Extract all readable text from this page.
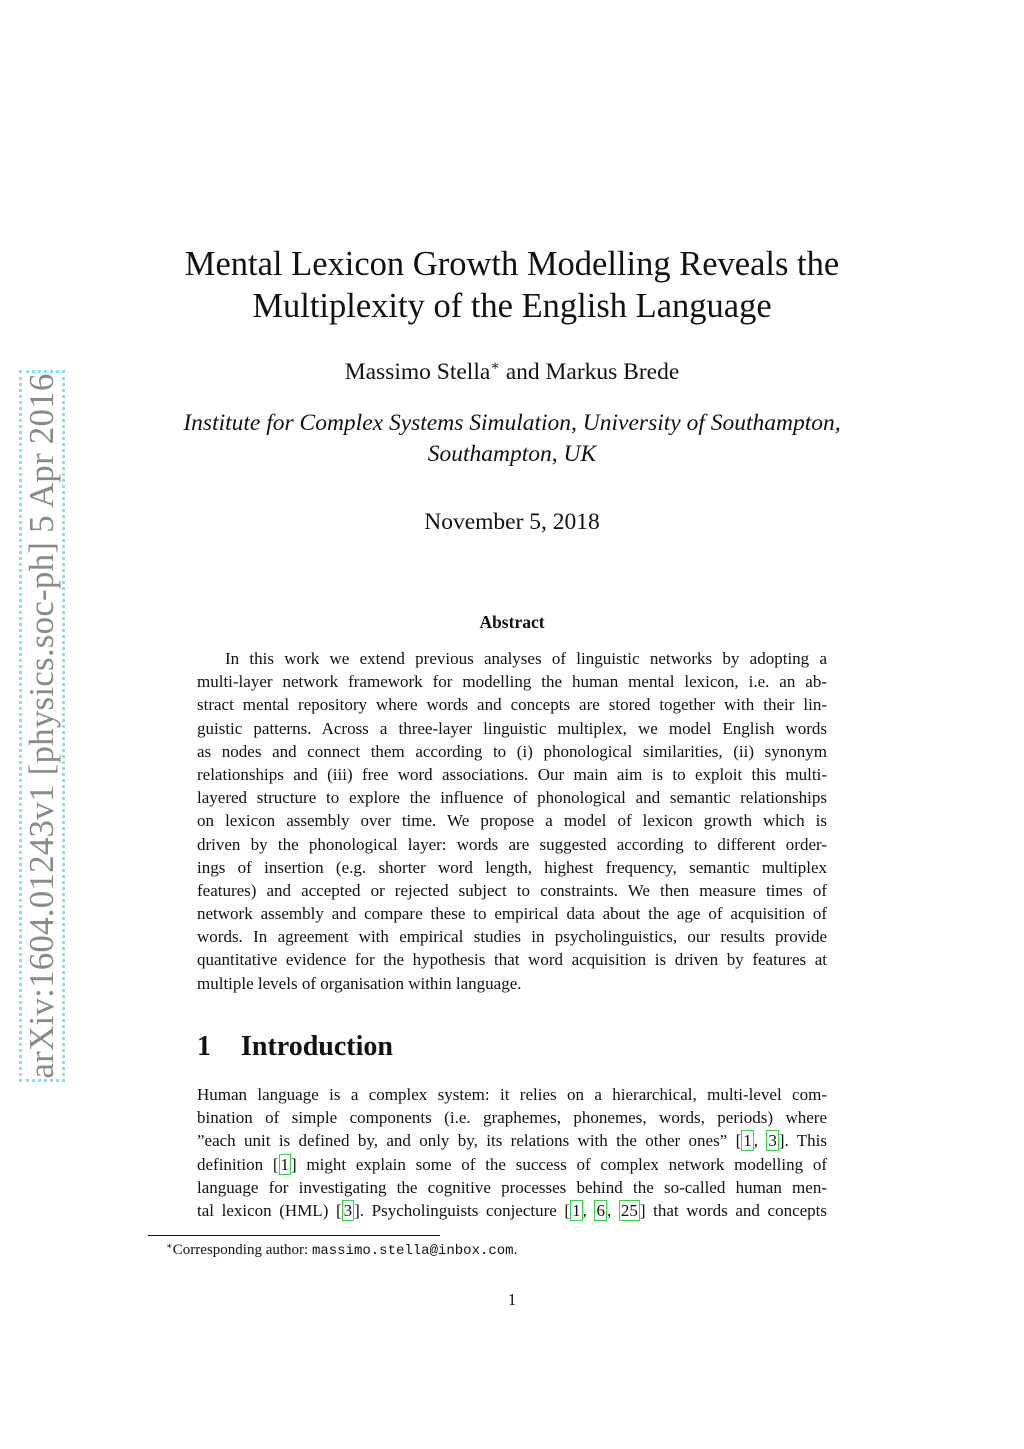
arXiv:1604.01243v1 [physics.soc-ph] 5 Apr 2016
Mental Lexicon Growth Modelling Reveals the
Multiplexity of the English Language
Massimo Stella∗ and Markus Brede
Institute for Complex Systems Simulation, University of Southampton,
Southampton, UK
November 5, 2018
Abstract
In this work we extend previous analyses of linguistic networks by adopting a
multi-layer network framework for modelling the human mental lexicon, i.e. an ab-
stract mental repository where words and concepts are stored together with their lin-
guistic patterns. Across a three-layer linguistic multiplex, we model English words
as nodes and connect them according to (i) phonological similarities, (ii) synonym
relationships and (iii) free word associations. Our main aim is to exploit this multi-
layered structure to explore the influence of phonological and semantic relationships
on lexicon assembly over time. We propose a model of lexicon growth which is
driven by the phonological layer: words are suggested according to different order-
ings of insertion (e.g. shorter word length, highest frequency, semantic multiplex
features) and accepted or rejected subject to constraints. We then measure times of
network assembly and compare these to empirical data about the age of acquisition of
words. In agreement with empirical studies in psycholinguistics, our results provide
quantitative evidence for the hypothesis that word acquisition is driven by features at
multiple levels of organisation within language.
1 Introduction
Human language is a complex system: it relies on a hierarchical, multi-level com-
bination of simple components (i.e. graphemes, phonemes, words, periods) where
”each unit is defined by, and only by, its relations with the other ones” [ 1 , 3 ]. This
definition [ 1 ] might explain some of the success of complex network modelling of
language for investigating the cognitive processes behind the so-called human men-
tal lexicon (HML) [ 3 ]. Psycholinguists conjecture [ 1 , 6 , 25 ] that words and concepts
∗Corresponding author: massimo.stella@inbox.com.
1
